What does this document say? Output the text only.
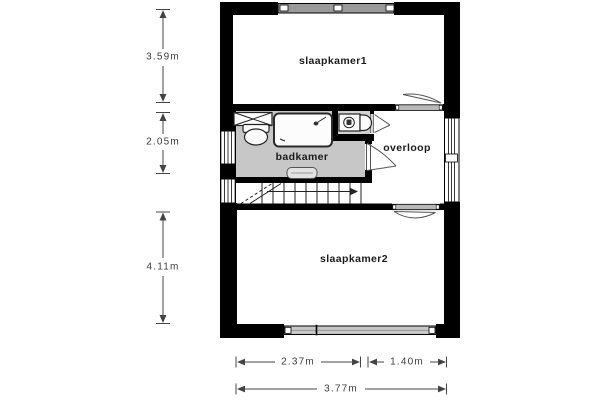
slaapkamer1
badkamer
overloop
slaapkamer2
3.59m
2.05m
4.11m
2.37m	1.40m
3.77m
